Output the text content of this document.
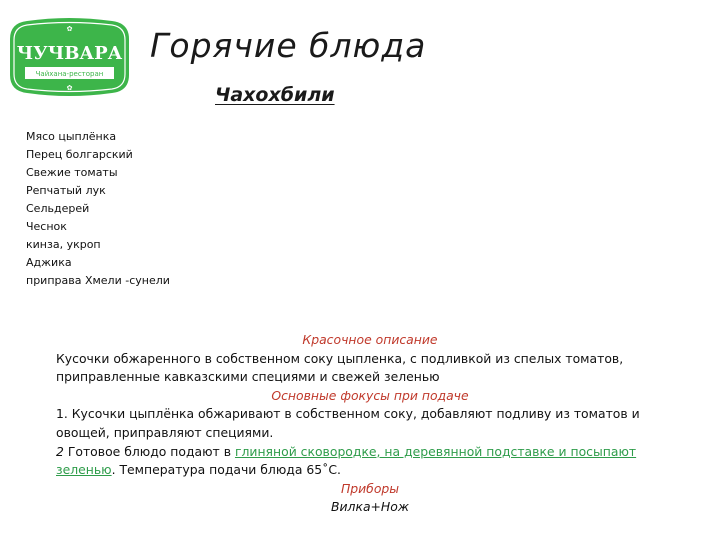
✿
ЧУЧВАРА
Чайхана-ресторан
✿
Горячие блюда
Чахохбили
Мясо цыплёнка
Перец болгарский
Свежие томаты
Репчатый лук
Сельдерей
Чеснок
кинза, укроп
Аджика
приправа Хмели -сунели
Красочное описание

Кусочки обжаренного в собственном соку цыпленка, с подливкой из спелых томатов, приправленные кавказскими специями и свежей зеленью

Основные фокусы при подаче

1. Кусочки цыплёнка обжаривают в собственном соку, добавляют подливу из томатов и овощей, приправляют специями.

2 Готовое блюдо подают в глиняной сковородке, на деревянной подставке и посыпают зеленью. Температура подачи блюда 65˚С.

Приборы
Вилка+Нож
